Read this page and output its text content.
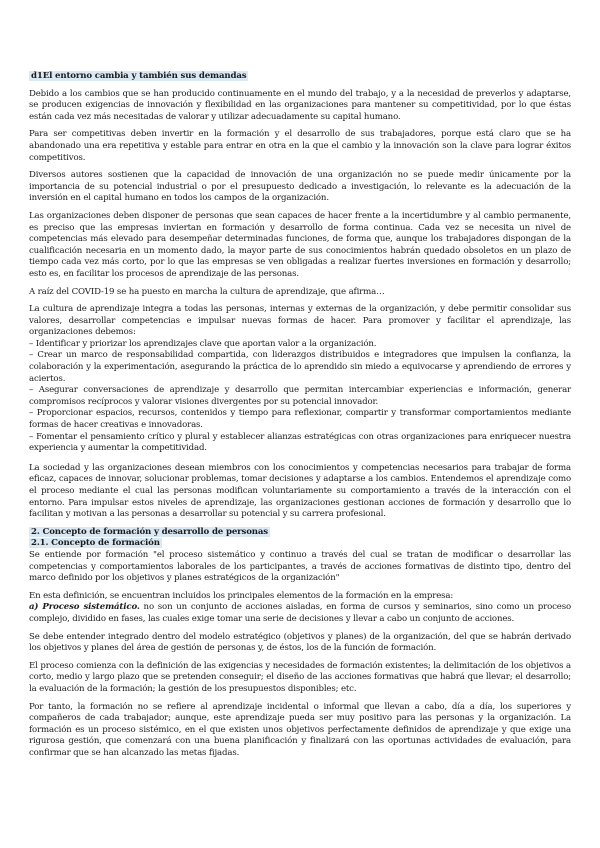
d1El entorno cambia y también sus demandas

Debido a los cambios que se han producido continuamente en el mundo del trabajo, y a la necesidad de preverlos y adaptarse, se producen exigencias de innovación y flexibilidad en las organizaciones para mantener su competitividad, por lo que éstas están cada vez más necesitadas de valorar y utilizar adecuadamente su capital humano.

Para ser competitivas deben invertir en la formación y el desarrollo de sus trabajadores, porque está claro que se ha abandonado una era repetitiva y estable para entrar en otra en la que el cambio y la innovación son la clave para lograr éxitos competitivos.

Diversos autores sostienen que la capacidad de innovación de una organización no se puede medir únicamente por la importancia de su potencial industrial o por el presupuesto dedicado a investigación, lo relevante es la adecuación de la inversión en el capital humano en todos los campos de la organización.

Las organizaciones deben disponer de personas que sean capaces de hacer frente a la incertidumbre y al cambio permanente, es preciso que las empresas inviertan en formación y desarrollo de forma continua. Cada vez se necesita un nivel de competencias más elevado para desempeñar determinadas funciones, de forma que, aunque los trabajadores dispongan de la cualificación necesaria en un momento dado, la mayor parte de sus conocimientos habrán quedado obsoletos en un plazo de tiempo cada vez más corto, por lo que las empresas se ven obligadas a realizar fuertes inversiones en formación y desarrollo; esto es, en facilitar los procesos de aprendizaje de las personas.

A raíz del COVID-19 se ha puesto en marcha la cultura de aprendizaje, que afirma…

La cultura de aprendizaje integra a todas las personas, internas y externas de la organización, y debe permitir consolidar sus valores, desarrollar competencias e impulsar nuevas formas de hacer. Para promover y facilitar el aprendizaje, las organizaciones debemos:

– Identificar y priorizar los aprendizajes clave que aportan valor a la organización.
– Crear un marco de responsabilidad compartida, con liderazgos distribuidos e integradores que impulsen la confianza, la colaboración y la experimentación, asegurando la práctica de lo aprendido sin miedo a equivocarse y aprendiendo de errores y aciertos.
– Asegurar conversaciones de aprendizaje y desarrollo que permitan intercambiar experiencias e información, generar compromisos recíprocos y valorar visiones divergentes por su potencial innovador.
– Proporcionar espacios, recursos, contenidos y tiempo para reflexionar, compartir y transformar comportamientos mediante formas de hacer creativas e innovadoras.
– Fomentar el pensamiento crítico y plural y establecer alianzas estratégicas con otras organizaciones para enriquecer nuestra experiencia y aumentar la competitividad.

La sociedad y las organizaciones desean miembros con los conocimientos y competencias necesarios para trabajar de forma eficaz, capaces de innovar, solucionar problemas, tomar decisiones y adaptarse a los cambios. Entendemos el aprendizaje como el proceso mediante el cual las personas modifican voluntariamente su comportamiento a través de la interacción con el entorno. Para impulsar estos niveles de aprendizaje, las organizaciones gestionan acciones de formación y desarrollo que lo facilitan y motivan a las personas a desarrollar su potencial y su carrera profesional.

2. Concepto de formación y desarrollo de personas
2.1. Concepto de formación

Se entiende por formación "el proceso sistemático y continuo a través del cual se tratan de modificar o desarrollar las competencias y comportamientos laborales de los participantes, a través de acciones formativas de distinto tipo, dentro del marco definido por los objetivos y planes estratégicos de la organización"

En esta definición, se encuentran incluidos los principales elementos de la formación en la empresa:

a) Proceso sistemático. no son un conjunto de acciones aisladas, en forma de cursos y seminarios, sino como un proceso complejo, dividido en fases, las cuales exige tomar una serie de decisiones y llevar a cabo un conjunto de acciones.

Se debe entender integrado dentro del modelo estratégico (objetivos y planes) de la organización, del que se habrán derivado los objetivos y planes del área de gestión de personas y, de éstos, los de la función de formación.

El proceso comienza con la definición de las exigencias y necesidades de formación existentes; la delimitación de los objetivos a corto, medio y largo plazo que se pretenden conseguir; el diseño de las acciones formativas que habrá que llevar; el desarrollo; la evaluación de la formación; la gestión de los presupuestos disponibles; etc.

Por tanto, la formación no se refiere al aprendizaje incidental o informal que llevan a cabo, día a día, los superiores y compañeros de cada trabajador; aunque, este aprendizaje pueda ser muy positivo para las personas y la organización. La formación es un proceso sistémico, en el que existen unos objetivos perfectamente definidos de aprendizaje y que exige una rigurosa gestión, que comenzará con una buena planificación y finalizará con las oportunas actividades de evaluación, para confirmar que se han alcanzado las metas fijadas.
